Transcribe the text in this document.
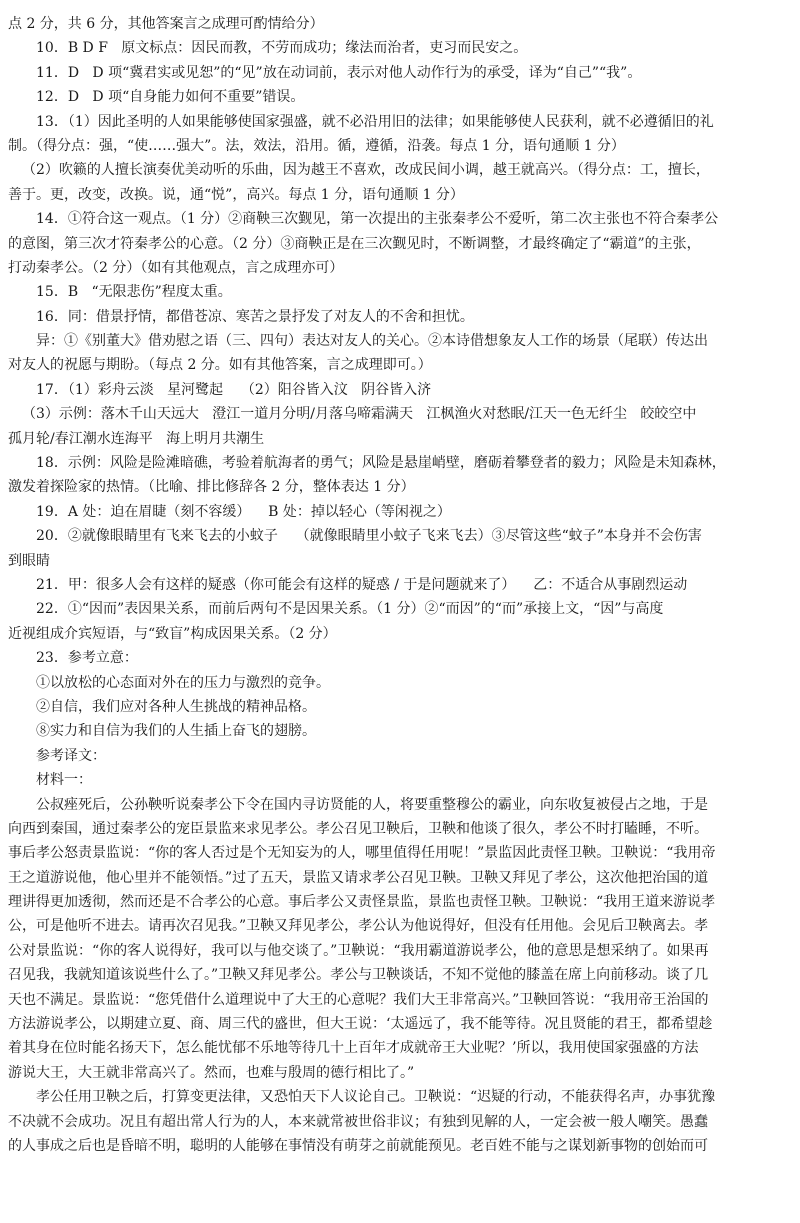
点 2 分，共 6 分，其他答案言之成理可酌情给分）
10．B D F   原文标点：因民而教，不劳而成功；缘法而治者，吏习而民安之。
11．D   D 项“冀君实或见恕”的“见”放在动词前，表示对他人动作行为的承受，译为“自己”“我”。
12．D   D 项“自身能力如何不重要”错误。
13．（1）因此圣明的人如果能够使国家强盛，就不必沿用旧的法律；如果能够使人民获利，就不必遵循旧的礼
制。（得分点：强，“使……强大”。法，效法，沿用。循，遵循，沿袭。每点 1 分，语句通顺 1 分）
（2）吹籁的人擅长演奏优美动听的乐曲，因为越王不喜欢，改成民间小调，越王就高兴。（得分点：工，擅长，
善于。更，改变，改换。说，通“悦”，高兴。每点 1 分，语句通顺 1 分）
14．①符合这一观点。（1 分）②商鞅三次觐见，第一次提出的主张秦孝公不爱听，第二次主张也不符合秦孝公
的意图，第三次才符秦孝公的心意。（2 分）③商鞅正是在三次觐见时，不断调整，才最终确定了“霸道”的主张，
打动秦孝公。（2 分）（如有其他观点，言之成理亦可）
15．B   “无限悲伤”程度太重。
16．同：借景抒情，都借苍凉、寒苦之景抒发了对友人的不舍和担忧。
异：①《别董大》借劝慰之语（三、四句）表达对友人的关心。②本诗借想象友人工作的场景（尾联）传达出
对友人的祝愿与期盼。（每点 2 分。如有其他答案，言之成理即可。）
17．（1）彩舟云淡   星河鹭起    （2）阳谷皆入汶   阴谷皆入济
（3）示例：落木千山天远大   澄江一道月分明/月落乌啼霜满天   江枫渔火对愁眠/江天一色无纤尘   皎皎空中
孤月轮/春江潮水连海平   海上明月共潮生
18．示例：风险是险滩暗礁，考验着航海者的勇气；风险是悬崖峭壁，磨砺着攀登者的毅力；风险是未知森林，
激发着探险家的热情。（比喻、排比修辞各 2 分，整体表达 1 分）
19．A 处：迫在眉睫（刻不容缓）    B 处：掉以轻心（等闲视之）
20．②就像眼睛里有飞来飞去的小蚊子    （就像眼睛里小蚊子飞来飞去）③尽管这些“蚊子”本身并不会伤害
到眼睛
21．甲：很多人会有这样的疑惑（你可能会有这样的疑惑 / 于是问题就来了）    乙：不适合从事剧烈运动
22．①“因而”表因果关系，而前后两句不是因果关系。（1 分）②“而因”的“而”承接上文，“因”与高度
近视组成介宾短语，与“致盲”构成因果关系。（2 分）
23．参考立意：
①以放松的心态面对外在的压力与激烈的竞争。
②自信，我们应对各种人生挑战的精神品格。
⑧实力和自信为我们的人生插上奋飞的翅膀。
参考译文：
材料一：
公叔痤死后，公孙鞅听说秦孝公下令在国内寻访贤能的人，将要重整穆公的霸业，向东收复被侵占之地，于是
向西到秦国，通过秦孝公的宠臣景监来求见孝公。孝公召见卫鞅后，卫鞅和他谈了很久，孝公不时打瞌睡，不听。
事后孝公怒责景监说：“你的客人否过是个无知妄为的人，哪里值得任用呢！”景监因此责怪卫鞅。卫鞅说：“我用帝
王之道游说他，他心里并不能领悟。”过了五天，景监又请求孝公召见卫鞅。卫鞅又拜见了孝公，这次他把治国的道
理讲得更加透彻，然而还是不合孝公的心意。事后孝公又责怪景监，景监也责怪卫鞅。卫鞅说：“我用王道来游说孝
公，可是他听不进去。请再次召见我。”卫鞅又拜见孝公，孝公认为他说得好，但没有任用他。会见后卫鞅离去。孝
公对景监说：“你的客人说得好，我可以与他交谈了。”卫鞅说：“我用霸道游说孝公，他的意思是想采纳了。如果再
召见我，我就知道该说些什么了。”卫鞅又拜见孝公。孝公与卫鞅谈话，不知不觉他的膝盖在席上向前移动。谈了几
天也不满足。景监说：“您凭借什么道理说中了大王的心意呢？我们大王非常高兴。”卫鞅回答说：“我用帝王治国的
方法游说孝公，以期建立夏、商、周三代的盛世，但大王说：‘太遥远了，我不能等待。况且贤能的君王，都希望趁
着其身在位时能名扬天下，怎么能忧郁不乐地等待几十上百年才成就帝王大业呢？’所以，我用使国家强盛的方法
游说大王，大王就非常高兴了。然而，也难与殷周的德行相比了。”
孝公任用卫鞅之后，打算变更法律，又恐怕天下人议论自己。卫鞅说：“迟疑的行动，不能获得名声，办事犹豫
不决就不会成功。况且有超出常人行为的人，本来就常被世俗非议；有独到见解的人，一定会被一般人嘲笑。愚蠢
的人事成之后也是昏暗不明，聪明的人能够在事情没有萌芽之前就能预见。老百姓不能与之谋划新事物的创始而可
